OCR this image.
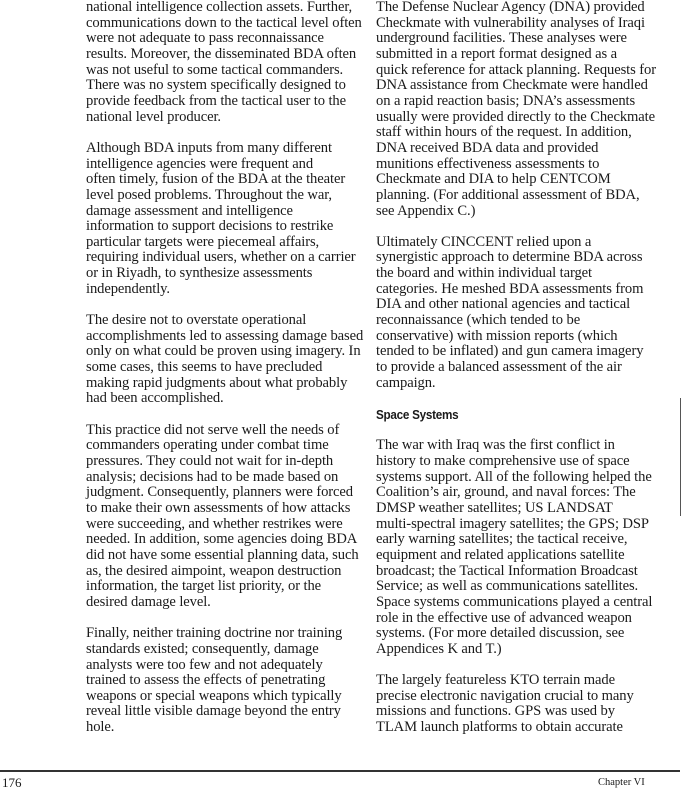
national intelligence collection assets. Further,
communications down to the tactical level often
were not adequate to pass reconnaissance
results. Moreover, the disseminated BDA often
was not useful to some tactical commanders.
There was no system specifically designed to
provide feedback from the tactical user to the
national level producer.

Although BDA inputs from many different
intelligence agencies were frequent and
often timely, fusion of the BDA at the theater
level posed problems. Throughout the war,
damage assessment and intelligence
information to support decisions to restrike
particular targets were piecemeal affairs,
requiring individual users, whether on a carrier
or in Riyadh, to synthesize assessments
independently.

The desire not to overstate operational
accomplishments led to assessing damage based
only on what could be proven using imagery. In
some cases, this seems to have precluded
making rapid judgments about what probably
had been accomplished.

This practice did not serve well the needs of
commanders operating under combat time
pressures. They could not wait for in-depth
analysis; decisions had to be made based on
judgment. Consequently, planners were forced
to make their own assessments of how attacks
were succeeding, and whether restrikes were
needed. In addition, some agencies doing BDA
did not have some essential planning data, such
as, the desired aimpoint, weapon destruction
information, the target list priority, or the
desired damage level.

Finally, neither training doctrine nor training
standards existed; consequently, damage
analysts were too few and not adequately
trained to assess the effects of penetrating
weapons or special weapons which typically
reveal little visible damage beyond the entry
hole.

The Defense Nuclear Agency (DNA) provided
Checkmate with vulnerability analyses of Iraqi
underground facilities. These analyses were
submitted in a report format designed as a
quick reference for attack planning. Requests for
DNA assistance from Checkmate were handled
on a rapid reaction basis; DNA’s assessments
usually were provided directly to the Checkmate
staff within hours of the request. In addition,
DNA received BDA data and provided
munitions effectiveness assessments to
Checkmate and DIA to help CENTCOM
planning. (For additional assessment of BDA,
see Appendix C.)

Ultimately CINCCENT relied upon a
synergistic approach to determine BDA across
the board and within individual target
categories. He meshed BDA assessments from
DIA and other national agencies and tactical
reconnaissance (which tended to be
conservative) with mission reports (which
tended to be inflated) and gun camera imagery
to provide a balanced assessment of the air
campaign.

Space Systems

The war with Iraq was the first conflict in
history to make comprehensive use of space
systems support. All of the following helped the
Coalition’s air, ground, and naval forces: The
DMSP weather satellites; US LANDSAT
multi-spectral imagery satellites; the GPS; DSP
early warning satellites; the tactical receive,
equipment and related applications satellite
broadcast; the Tactical Information Broadcast
Service; as well as communications satellites.
Space systems communications played a central
role in the effective use of advanced weapon
systems. (For more detailed discussion, see
Appendices K and T.)

The largely featureless KTO terrain made
precise electronic navigation crucial to many
missions and functions. GPS was used by
TLAM launch platforms to obtain accurate

176	Chapter VI
